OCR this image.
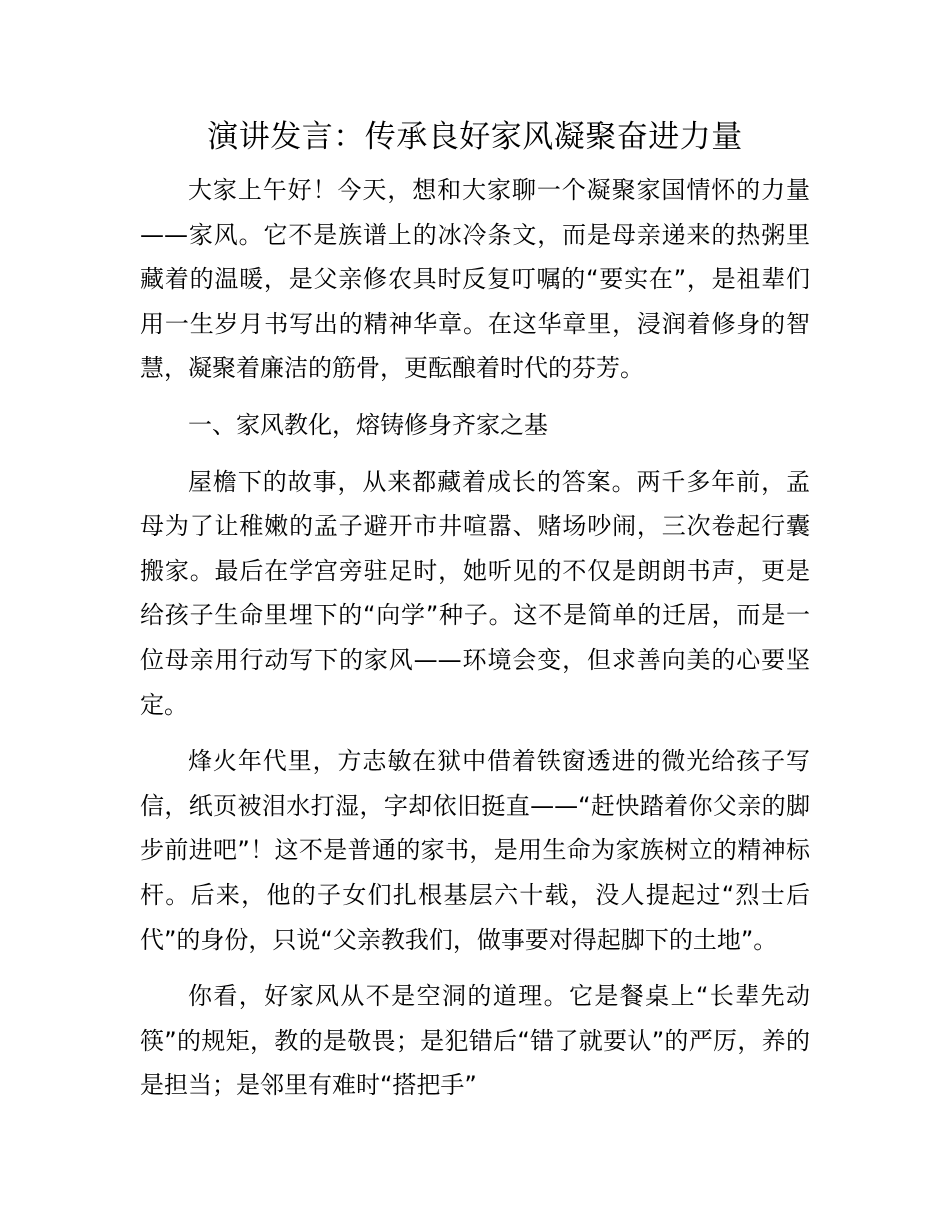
演讲发言：传承良好家风凝聚奋进力量

大家上午好！今天，想和大家聊一个凝聚家国情怀的力量——家风。它不是族谱上的冰冷条文，而是母亲递来的热粥里藏着的温暖，是父亲修农具时反复叮嘱的“要实在”，是祖辈们用一生岁月书写出的精神华章。在这华章里，浸润着修身的智慧，凝聚着廉洁的筋骨，更酝酿着时代的芬芳。

一、家风教化，熔铸修身齐家之基

屋檐下的故事，从来都藏着成长的答案。两千多年前，孟母为了让稚嫩的孟子避开市井喧嚣、赌场吵闹，三次卷起行囊搬家。最后在学宫旁驻足时，她听见的不仅是朗朗书声，更是给孩子生命里埋下的“向学”种子。这不是简单的迁居，而是一位母亲用行动写下的家风——环境会变，但求善向美的心要坚定。

烽火年代里，方志敏在狱中借着铁窗透进的微光给孩子写信，纸页被泪水打湿，字却依旧挺直——“赶快踏着你父亲的脚步前进吧”！这不是普通的家书，是用生命为家族树立的精神标杆。后来，他的子女们扎根基层六十载，没人提起过“烈士后代”的身份，只说“父亲教我们，做事要对得起脚下的土地”。

你看，好家风从不是空洞的道理。它是餐桌上“长辈先动筷”的规矩，教的是敬畏；是犯错后“错了就要认”的严厉，养的是担当；是邻里有难时“搭把手”
